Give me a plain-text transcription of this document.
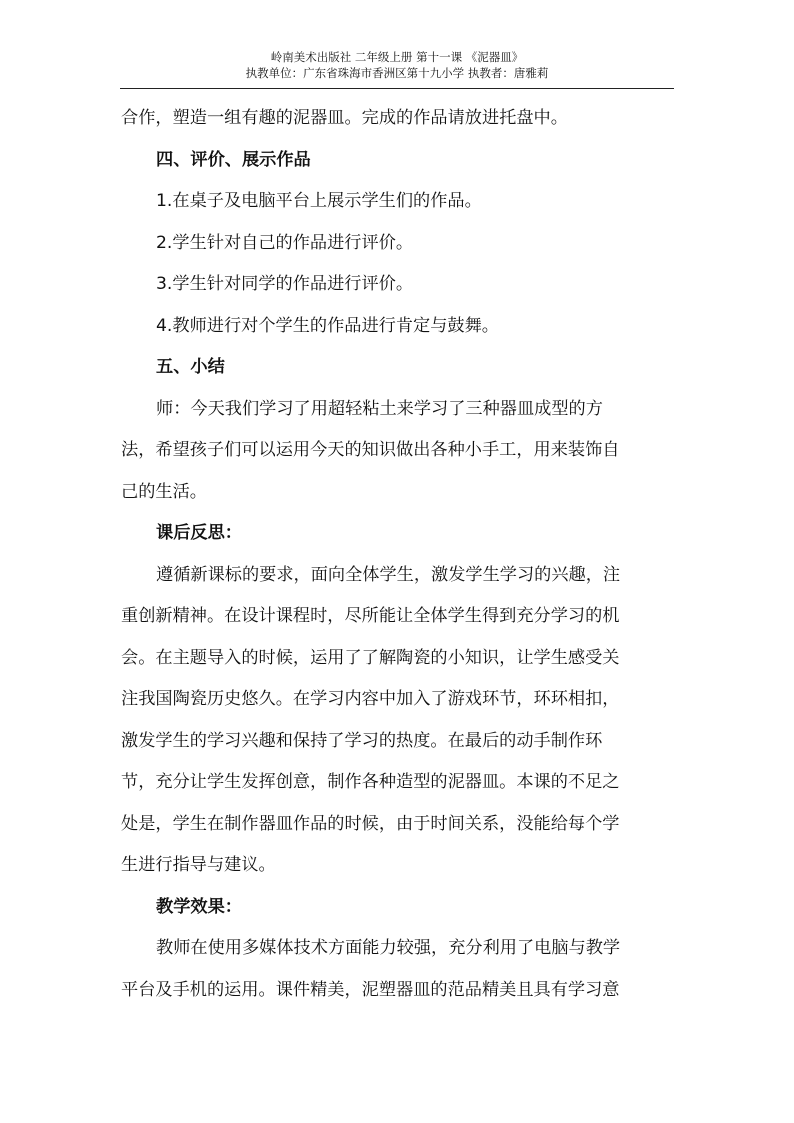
岭南美术出版社 二年级上册 第十一课 《泥器皿》
执教单位：广东省珠海市香洲区第十九小学 执教者：唐雅莉

合作，塑造一组有趣的泥器皿。完成的作品请放进托盘中。

四、评价、展示作品

1.在桌子及电脑平台上展示学生们的作品。

2.学生针对自己的作品进行评价。

3.学生针对同学的作品进行评价。

4.教师进行对个学生的作品进行肯定与鼓舞。

五、小结

师：今天我们学习了用超轻粘土来学习了三种器皿成型的方

法，希望孩子们可以运用今天的知识做出各种小手工，用来装饰自

己的生活。

课后反思：

遵循新课标的要求，面向全体学生，激发学生学习的兴趣，注

重创新精神。在设计课程时，尽所能让全体学生得到充分学习的机

会。在主题导入的时候，运用了了解陶瓷的小知识，让学生感受关

注我国陶瓷历史悠久。在学习内容中加入了游戏环节，环环相扣，

激发学生的学习兴趣和保持了学习的热度。在最后的动手制作环

节，充分让学生发挥创意，制作各种造型的泥器皿。本课的不足之

处是，学生在制作器皿作品的时候，由于时间关系，没能给每个学

生进行指导与建议。

教学效果：

教师在使用多媒体技术方面能力较强，充分利用了电脑与教学

平台及手机的运用。课件精美，泥塑器皿的范品精美且具有学习意
